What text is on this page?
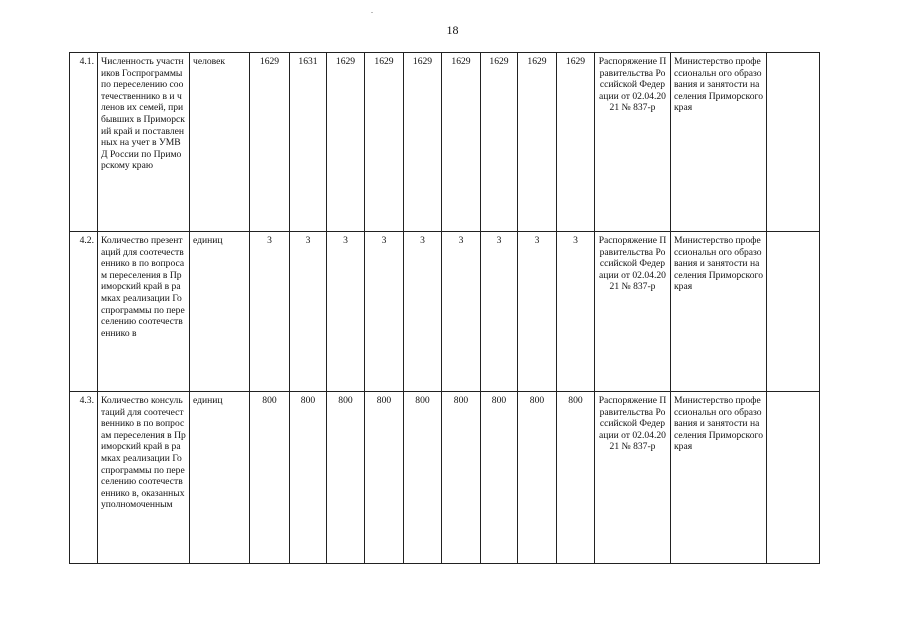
18
4.1.	Численность участников Госпрограммы по переселению соотечественнико в и членов их семей, прибывших в Приморский край и поставленных на учет в УМВД России по Приморскому краю	человек	1629	1631	1629	1629	1629	1629	1629	1629	1629	Распоряжение Правительства Российской Федерации от 02.04.2021 № 837-р	Министерство профессиональн ого образования и занятости населения Приморского края	

4.2.	Количество презентаций для соотечественнико в по вопросам переселения в Приморский край в рамках реализации Госпрограммы по переселению соотечественнико в	единиц	3	3	3	3	3	3	3	3	3	Распоряжение Правительства Российской Федерации от 02.04.2021 № 837-р	Министерство профессиональн ого образования и занятости населения Приморского края	

4.3.	Количество консультаций для соотечественнико в по вопросам переселения в Приморский край в рамках реализации Госпрограммы по переселению соотечественнико в, оказанных уполномоченным	единиц	800	800	800	800	800	800	800	800	800	Распоряжение Правительства Российской Федерации от 02.04.2021 № 837-р	Министерство профессиональн ого образования и занятости населения Приморского края	
